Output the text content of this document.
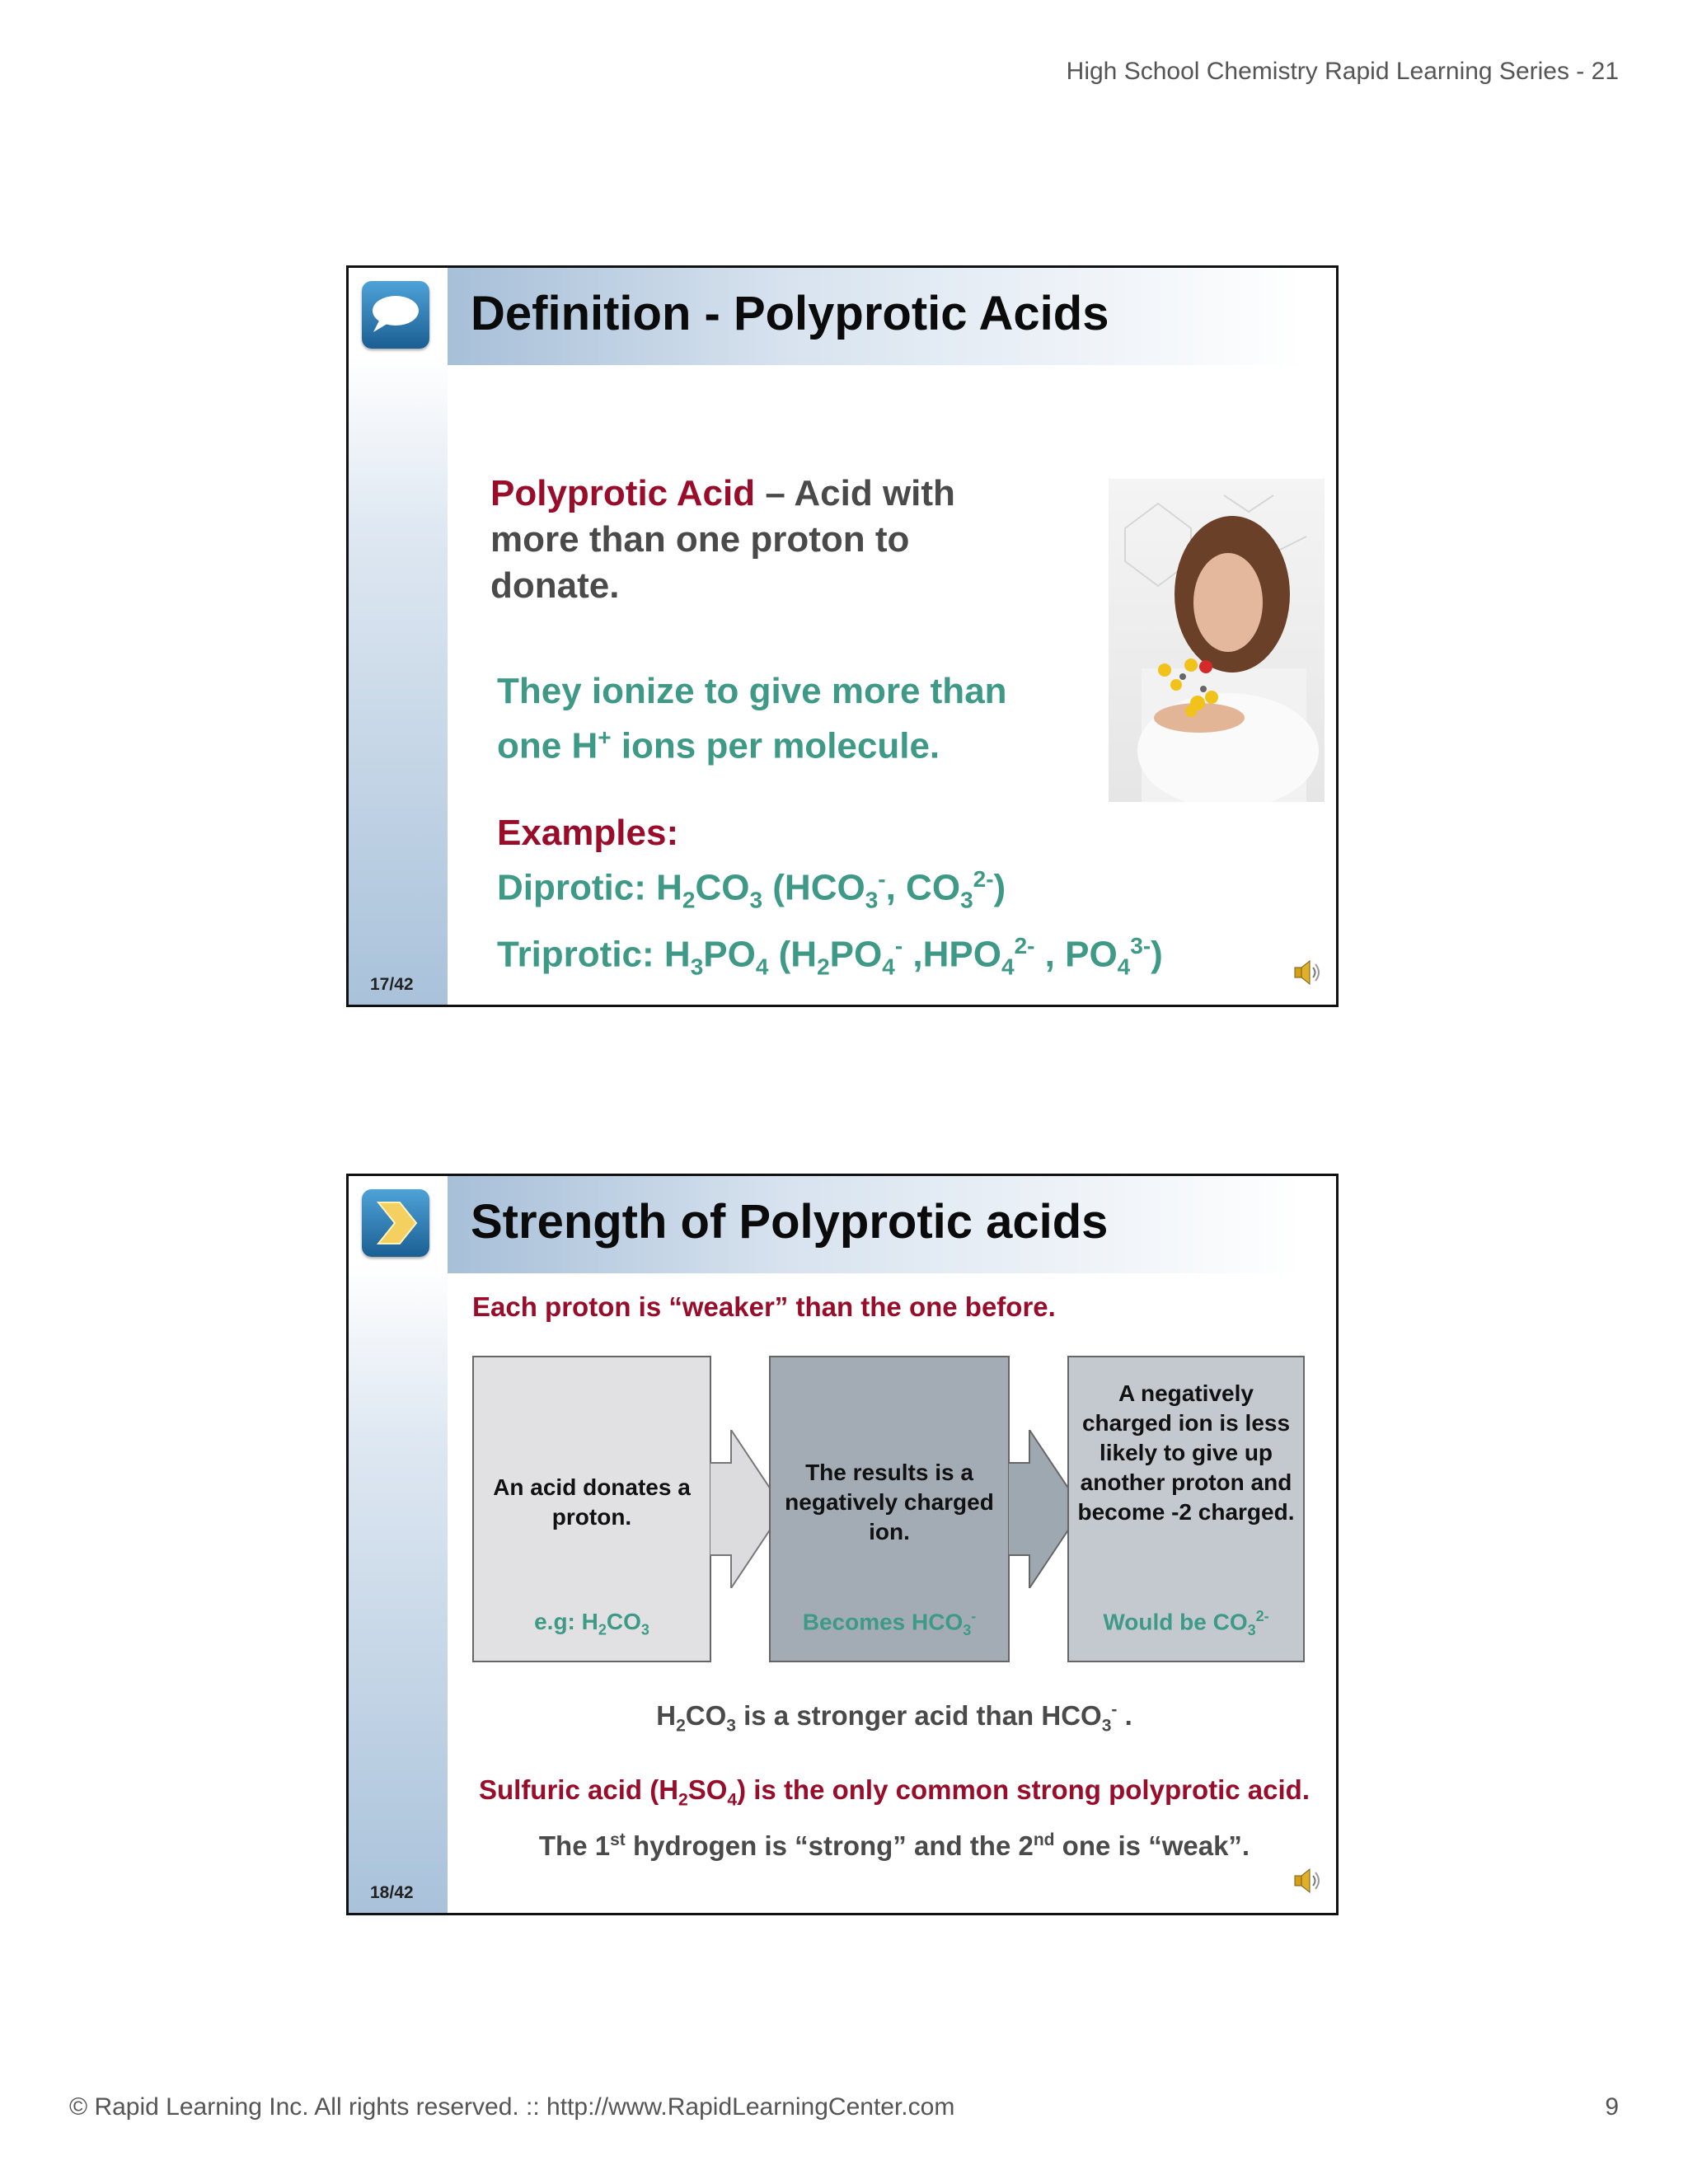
High School Chemistry Rapid Learning Series - 21
Definition - Polyprotic Acids
Polyprotic Acid – Acid with more than one proton to donate.
They ionize to give more than one H+ ions per molecule.
Examples:
Diprotic: $H_2CO_3$ ($HCO_3^-$, $CO_3^{2-}$)
Triprotic: $H_3PO_4$ ($H_2PO_4^-$ $,HPO_4^{2-}$ , $PO_4^{3-}$)
17/42
Strength of Polyprotic acids
Each proton is “weaker” than the one before.
An acid donates a proton.
e.g: $H_2CO_3$
The results is a negatively charged ion.
Becomes $HCO_3^-$
A negatively charged ion is less likely to give up another proton and become -2 charged.
Would be $CO_3^{2-}$
$H_2CO_3$ is a stronger acid than $HCO_3^-$ .
Sulfuric acid $(H_2SO_4)$ is the only common strong polyprotic acid.
The 1st hydrogen is “strong” and the 2nd one is “weak”.
18/42
© Rapid Learning Inc. All rights reserved. :: http://www.RapidLearningCenter.com	9
